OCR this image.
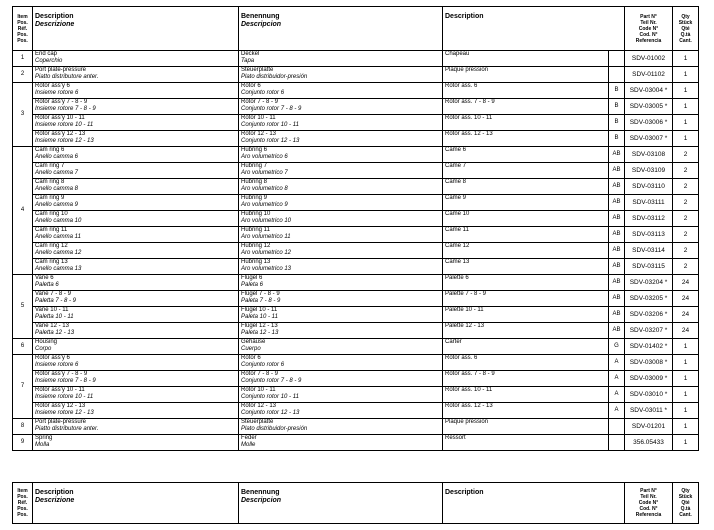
Item
Pos.
Réf.
Pos.
Pos.	Description
Descrizione	Benennung
Descripcion	Description		Part N°
Teil Nr.
Code N°
Cod. N°
Referencia	Qty
Stück
Qté
Q.tà
Cant.

1	End cap
Coperchio	Deckel
Tapa	Chapeau		SDV-01002	1
2	Port plate-pressure
Piatto distributore anter.	Steuerplatte
Plato distribuidor-presión	Plaque pression		SDV-01102	1
3	Rotor ass'y 6
Insieme rotore 6	Rotor 6
Conjunto rotor 6	Rotor ass. 6	B	SDV-03004 *	1

	Rotor ass'y 7 - 8 - 9
Insieme rotore 7 - 8 - 9	Rotor 7 - 8 - 9
Conjunto rotor 7 - 8 - 9	Rotor ass. 7 - 8 - 9	B	SDV-03005 *	1

	Rotor ass'y 10 - 11
Insieme rotore 10 - 11	Rotor 10 - 11
Conjunto rotor 10 - 11	Rotor ass. 10 - 11	B	SDV-03006 *	1

	Rotor ass'y 12 - 13
Insieme rotore 12 - 13	Rotor 12 - 13
Conjunto rotor 12 - 13	Rotor ass. 12 - 13	B	SDV-03007 *	1
4	Cam ring 6
Anello camma 6	Hubring 6
Aro volumetrico 6	Came 6	AB	SDV-03108	2

	Cam ring 7
Anello camma 7	Hubring 7
Aro volumetrico 7	Came 7	AB	SDV-03109	2

	Cam ring 8
Anello camma 8	Hubring 8
Aro volumetrico 8	Came 8	AB	SDV-03110	2

	Cam ring 9
Anello camma 9	Hubring 9
Aro volumetrico 9	Came 9	AB	SDV-03111	2

	Cam ring 10
Anello camma 10	Hubring 10
Aro volumetrico 10	Came 10	AB	SDV-03112	2

	Cam ring 11
Anello camma 11	Hubring 11
Aro volumetrico 11	Came 11	AB	SDV-03113	2

	Cam ring 12
Anello camma 12	Hubring 12
Aro volumetrico 12	Came 12	AB	SDV-03114	2

	Cam ring 13
Anello camma 13	Hubring 13
Aro volumetrico 13	Came 13	AB	SDV-03115	2
5	Vane 6
Paletta 6	Flügel 6
Paleta 6	Palette 6	AB	SDV-03204 *	24

	Vane 7 - 8 - 9
Paletta 7 - 8 - 9	Flügel 7 - 8 - 9
Paleta 7 - 8 - 9	Palette 7 - 8 - 9	AB	SDV-03205 *	24

	Vane 10 - 11
Paletta 10 - 11	Flügel 10 - 11
Paleta 10 - 11	Palette 10 - 11	AB	SDV-03206 *	24

	Vane 12 - 13
Paletta 12 - 13	Flügel 12 - 13
Paleta 12 - 13	Palette 12 - 13	AB	SDV-03207 *	24
6	Housing
Corpo	Gehäuse
Cuerpo	Carter	G	SDV-01402 *	1
7	Rotor ass'y 6
Insieme rotore 6	Rotor 6
Conjunto rotor 6	Rotor ass. 6	A	SDV-03008 *	1

	Rotor ass'y 7 - 8 - 9
Insieme rotore 7 - 8 - 9	Rotor 7 - 8 - 9
Conjunto rotor 7 - 8 - 9	Rotor ass. 7 - 8 - 9	A	SDV-03009 *	1

	Rotor ass'y 10 - 11
Insieme rotore 10 - 11	Rotor 10 - 11
Conjunto rotor 10 - 11	Rotor ass. 10 - 11	A	SDV-03010 *	1

	Rotor ass'y 12 - 13
Insieme rotore 12 - 13	Rotor 12 - 13
Conjunto rotor 12 - 13	Rotor ass. 12 - 13	A	SDV-03011 *	1
8	Port plate-pressure
Piatto distributore anter.	Steuerplatte
Plato distribuidor-presión	Plaque pression		SDV-01201	1
9	Spring
Molla	Feder
Molle	Ressort		356.05433	1
Item
Pos.
Réf.
Pos.
Pos.
	Description
Descrizione	Benennung
Descripcion	Description	Part N°
Teil Nr.
Code N°
Cod. N°
Referencia

Qty
Stück
Qté
Q.tà
Cant.
